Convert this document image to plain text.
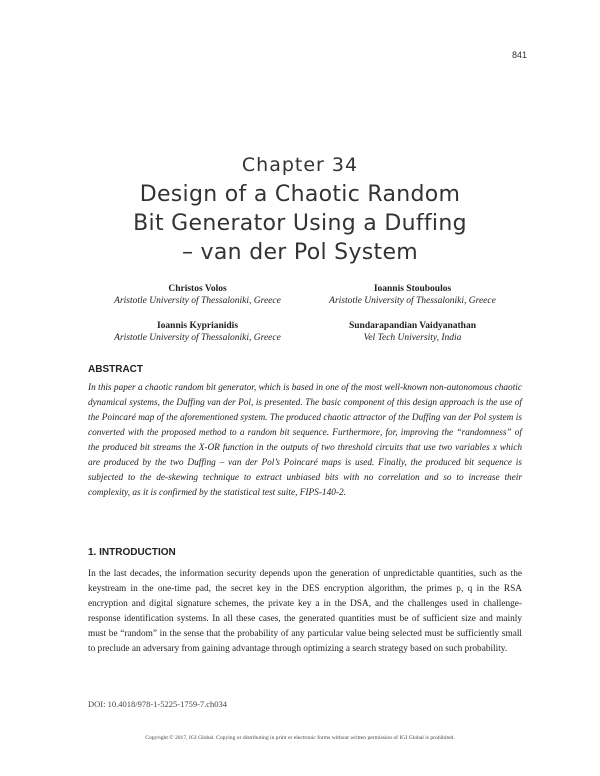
841
Chapter 34
Design of a Chaotic Random
Bit Generator Using a Duffing
– van der Pol System
Christos Volos
Aristotle University of Thessaloniki, Greece
Ioannis Stouboulos
Aristotle University of Thessaloniki, Greece
Ioannis Kyprianidis
Aristotle University of Thessaloniki, Greece
Sundarapandian Vaidyanathan
Vel Tech University, India
ABSTRACT
In this paper a chaotic random bit generator, which is based in one of the most well-known non-autonomous chaotic dynamical systems, the Duffing van der Pol, is presented. The basic component of this design approach is the use of the Poincaré map of the aforementioned system. The produced chaotic attractor of the Duffing van der Pol system is converted with the proposed method to a random bit sequence. Furthermore, for, improving the “randomness” of the produced bit streams the X-OR function in the outputs of two threshold circuits that use two variables x which are produced by the two Duffing – van der Pol’s Poincaré maps is used. Finally, the produced bit sequence is subjected to the de-skewing technique to extract unbiased bits with no correlation and so to increase their complexity, as it is confirmed by the statistical test suite, FIPS-140-2.
1. INTRODUCTION
In the last decades, the information security depends upon the generation of unpredictable quantities, such as the keystream in the one-time pad, the secret key in the DES encryption algorithm, the primes p, q in the RSA encryption and digital signature schemes, the private key a in the DSA, and the challenges used in challenge-response identification systems. In all these cases, the generated quantities must be of sufficient size and mainly must be “random” in the sense that the probability of any particular value being selected must be sufficiently small to preclude an adversary from gaining advantage through optimizing a search strategy based on such probability.
DOI: 10.4018/978-1-5225-1759-7.ch034
Copyright © 2017, IGI Global. Copying or distributing in print or electronic forms without written permission of IGI Global is prohibited.
